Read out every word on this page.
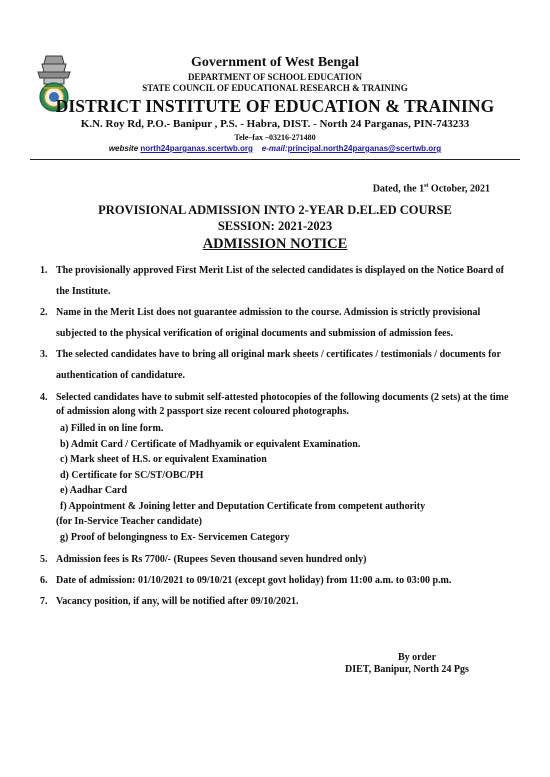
Government of West Bengal
DEPARTMENT OF SCHOOL EDUCATION
STATE COUNCIL OF EDUCATIONAL RESEARCH & TRAINING
DISTRICT INSTITUTE OF EDUCATION & TRAINING
K.N. Roy Rd, P.O.- Banipur , P.S. - Habra, DIST. - North 24 Parganas, PIN-743233
Tele–fax –03216-271480
website north24parganas.scertwb.org e-mail:principal.north24parganas@scertwb.org
Dated, the 1st October, 2021
PROVISIONAL ADMISSION INTO 2-YEAR D.EL.ED COURSE
SESSION: 2021-2023
ADMISSION NOTICE
1. The provisionally approved First Merit List of the selected candidates is displayed on the Notice Board of the Institute.
2. Name in the Merit List does not guarantee admission to the course. Admission is strictly provisional subjected to the physical verification of original documents and submission of admission fees.
3. The selected candidates have to bring all original mark sheets / certificates / testimonials / documents for authentication of candidature.
4. Selected candidates have to submit self-attested photocopies of the following documents (2 sets) at the time of admission along with 2 passport size recent coloured photographs.
a) Filled in on line form.
b) Admit Card / Certificate of Madhyamik or equivalent Examination.
c) Mark sheet of H.S. or equivalent Examination
d) Certificate for SC/ST/OBC/PH
e) Aadhar Card
f) Appointment & Joining letter and Deputation Certificate from competent authority
(for In-Service Teacher candidate)
g) Proof of belongingness to Ex- Servicemen Category
5. Admission fees is Rs 7700/- (Rupees Seven thousand seven hundred only)
6. Date of admission: 01/10/2021 to 09/10/21 (except govt holiday) from 11:00 a.m. to 03:00 p.m.
7. Vacancy position, if any, will be notified after 09/10/2021.
By order
DIET, Banipur, North 24 Pgs
